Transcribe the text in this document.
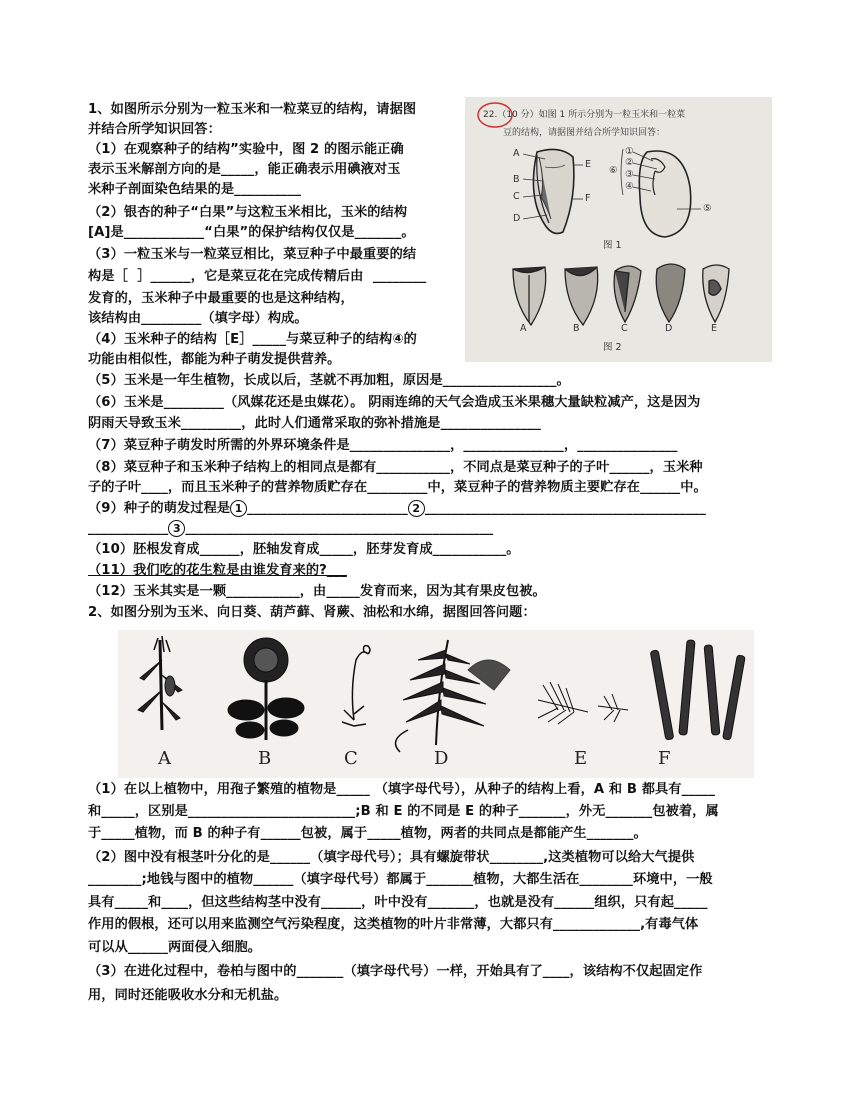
1、如图所示分别为一粒玉米和一粒菜豆的结构，请据图
并结合所学知识回答：
（1）在观察种子的结构”实验中，图 2 的图示能正确
表示玉米解剖方向的是_____，能正确表示用碘液对玉
米种子剖面染色结果的是__________
（2）银杏的种子“白果”与这粒玉米相比，玉米的结构
[A]是____________“白果”的保护结构仅仅是_______。
（3）一粒玉米与一粒菜豆相比，菜豆种子中最重要的结
构是［  ］______，它是菜豆花在完成传精后由  ________
发育的，玉米种子中最重要的也是这种结构，
该结构由_________（填字母）构成。
（4）玉米种子的结构［E］_____与菜豆种子的结构④的
功能由相似性，都能为种子萌发提供营养。
（5）玉米是一年生植物，长成以后，茎就不再加粗，原因是_________________。
（6）玉米是_________（风媒花还是虫媒花）。 阴雨连绵的天气会造成玉米果穗大量缺粒减产，这是因为
阴雨天导致玉米_________，此时人们通常采取的弥补措施是_______________
（7）菜豆种子萌发时所需的外界环境条件是_______________，_______________，_______________
（8）菜豆种子和玉米种子结构上的相同点是都有___________，不同点是菜豆种子的子叶______，玉米种
子的子叶____，而且玉米种子的营养物质贮存在_________中，菜豆种子的营养物质主要贮存在______中。
（9）种子的萌发过程是 1 ________________________ 2 __________________________________________
____________ 3 ______________________________________________
（10）胚根发育成______，胚轴发育成_____，胚芽发育成___________。
（11）我们吃的花生粒是由谁发育来的?___
（12）玉米其实是一颗___________，由_____发育而来，因为其有果皮包被。
2、如图分别为玉米、向日葵、葫芦藓、肾蕨、油松和水绵，据图回答问题：
22.（10 分）如图 1 所示分别为一粒玉米和一粒菜
豆的结构，请据图并结合所学知识回答：
A
E
B
C	F
D
①
②
③
④
⑥
⑤
图 1
A	B	C	D	E
图 2
A	B	C	D	E	F
（1）在以上植物中，用孢子繁殖的植物是_____ （填字母代号），从种子的结构上看，A 和 B 都具有_____
和_____，区别是_________________________;B 和 E 的不同是 E 的种子_______，外无_______包被着，属
于_____植物，而 B 的种子有______包被，属于_____植物，两者的共同点是都能产生_______。
（2）图中没有根茎叶分化的是______（填字母代号）；具有螺旋带状________,这类植物可以给大气提供
________;地钱与图中的植物______（填字母代号）都属于_______植物，大都生活在________环境中，一般
具有_____和____，但这些结构茎中没有______，叶中没有_______，也就是没有______组织，只有起_____
作用的假根，还可以用来监测空气污染程度，这类植物的叶片非常薄，大都只有_____________,有毒气体
可以从______两面侵入细胞。
（3）在进化过程中，卷柏与图中的_______（填字母代号）一样，开始具有了____，该结构不仅起固定作
用，同时还能吸收水分和无机盐。
